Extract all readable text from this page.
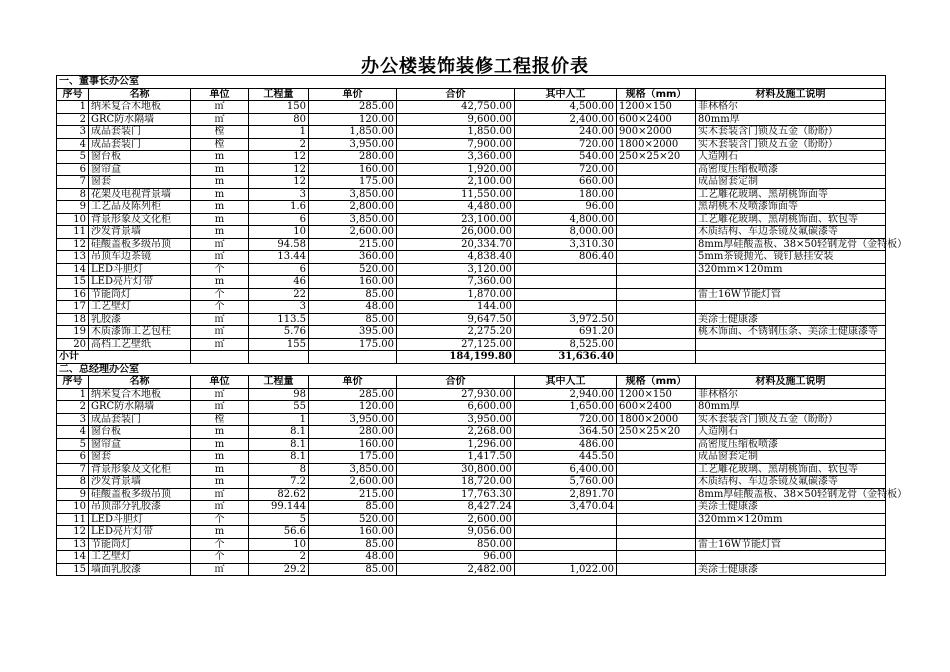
办公楼装饰装修工程报价表
一、董事长办公室								
序号	名称	单位	工程量	单价	合价	其中人工	规格（mm）	材料及施工说明
1	纳米复合木地板	㎡	150	285.00	42,750.00	4,500.00	1200×150	菲林格尔
2	GRC防水隔墙	㎡	80	120.00	9,600.00	2,400.00	600×2400	80mm厚
3	成品套装门	樘	1	1,850.00	1,850.00	240.00	900×2000	实木套装含门锁及五金（盼盼）
4	成品套装门	樘	2	3,950.00	7,900.00	720.00	1800×2000	实木套装含门锁及五金（盼盼）
5	窗台板	m	12	280.00	3,360.00	540.00	250×25×20	人造刚石
6	窗帘盒	m	12	160.00	1,920.00	720.00		高密度压缩板喷漆
7	窗套	m	12	175.00	2,100.00	660.00		成品窗套定制
8	花架及电视背景墙	m	3	3,850.00	11,550.00	180.00		工艺雕花玻璃、黑胡桃饰面等
9	工艺品及陈列柜	m	1.6	2,800.00	4,480.00	96.00		黑胡桃木及喷漆饰面等
10	背景形象及文化柜	m	6	3,850.00	23,100.00	4,800.00		工艺雕花玻璃、黑胡桃饰面、软包等
11	沙发背景墙	m	10	2,600.00	26,000.00	8,000.00		木质结构、车边茶镜及氟碳漆等
12	硅酸盖板多级吊顶	㎡	94.58	215.00	20,334.70	3,310.30		8mm厚硅酸盖板、38×50轻钢龙骨（金特板）
13	吊顶车边茶镜	㎡	13.44	360.00	4,838.40	806.40		5mm茶镜抛光、镜钉悬挂安装
14	LED斗胆灯	个	6	520.00	3,120.00			320mm×120mm
15	LED亮片灯带	m	46	160.00	7,360.00			
16	节能筒灯	个	22	85.00	1,870.00			雷士16W节能灯管
17	工艺壁灯	个	3	48.00	144.00			
18	乳胶漆	㎡	113.5	85.00	9,647.50	3,972.50		美涂士健康漆
19	木质漆饰工艺包柱	㎡	5.76	395.00	2,275.20	691.20		桃木饰面、不锈钢压条、美涂士健康漆等
20	高档工艺壁纸	㎡	155	175.00	27,125.00	8,525.00		
小计					184,199.80	31,636.40		
二、总经理办公室								
序号	名称	单位	工程量	单价	合价	其中人工	规格（mm）	材料及施工说明
1	纳米复合木地板	㎡	98	285.00	27,930.00	2,940.00	1200×150	菲林格尔
2	GRC防水隔墙	㎡	55	120.00	6,600.00	1,650.00	600×2400	80mm厚
3	成品套装门	樘	1	3,950.00	3,950.00	720.00	1800×2000	实木套装含门锁及五金（盼盼）
4	窗台板	m	8.1	280.00	2,268.00	364.50	250×25×20	人造刚石
5	窗帘盒	m	8.1	160.00	1,296.00	486.00		高密度压缩板喷漆
6	窗套	m	8.1	175.00	1,417.50	445.50		成品窗套定制
7	背景形象及文化柜	m	8	3,850.00	30,800.00	6,400.00		工艺雕花玻璃、黑胡桃饰面、软包等
8	沙发背景墙	m	7.2	2,600.00	18,720.00	5,760.00		木质结构、车边茶镜及氟碳漆等
9	硅酸盖板多级吊顶	㎡	82.62	215.00	17,763.30	2,891.70		8mm厚硅酸盖板、38×50轻钢龙骨（金特板）
10	吊顶部分乳胶漆	㎡	99.144	85.00	8,427.24	3,470.04		美涂士健康漆
11	LED斗胆灯	个	5	520.00	2,600.00			320mm×120mm
12	LED亮片灯带	m	56.6	160.00	9,056.00			
13	节能筒灯	个	10	85.00	850.00			雷士16W节能灯管
14	工艺壁灯	个	2	48.00	96.00			
15	墙面乳胶漆	㎡	29.2	85.00	2,482.00	1,022.00		美涂士健康漆
